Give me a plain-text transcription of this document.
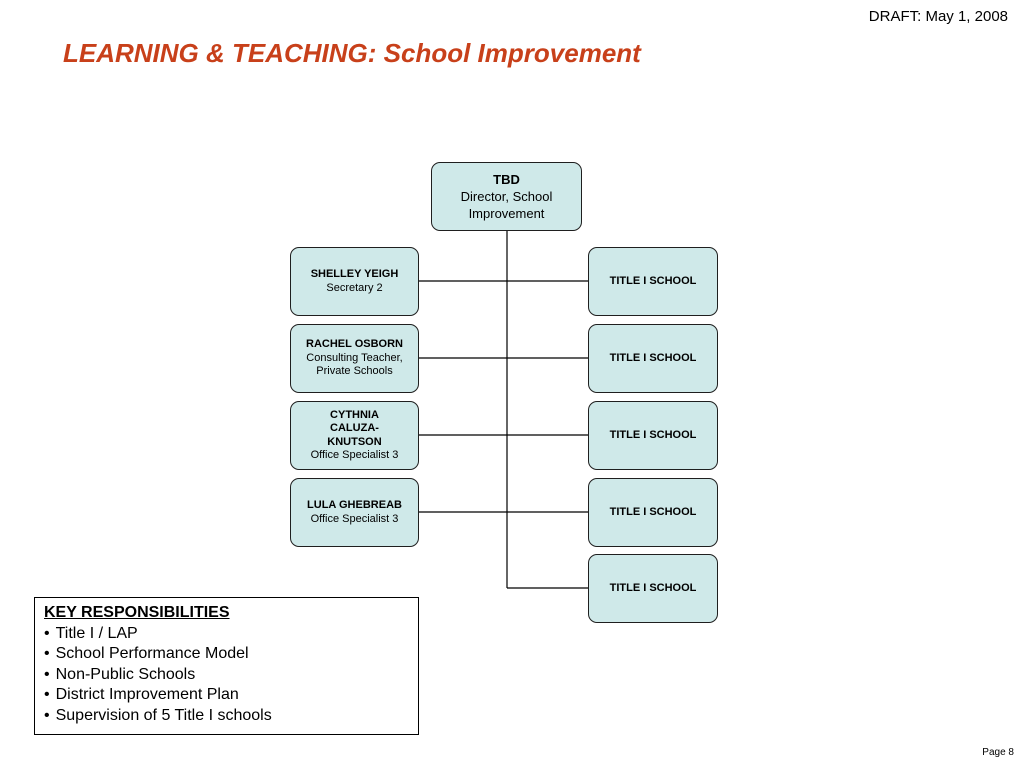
DRAFT: May 1, 2008
LEARNING & TEACHING: School Improvement
TBD
Director, School Improvement
SHELLEY YEIGH
Secretary 2
RACHEL OSBORN
Consulting Teacher, Private Schools
CYTHNIA CALUZA-KNUTSON
Office Specialist 3
LULA GHEBREAB
Office Specialist 3
TITLE I SCHOOL
TITLE I SCHOOL
TITLE I SCHOOL
TITLE I SCHOOL
TITLE I SCHOOL
KEY RESPONSIBILITIES
• Title I / LAP
• School Performance Model
• Non-Public Schools
• District Improvement Plan
• Supervision of 5 Title I schools
Page 8
